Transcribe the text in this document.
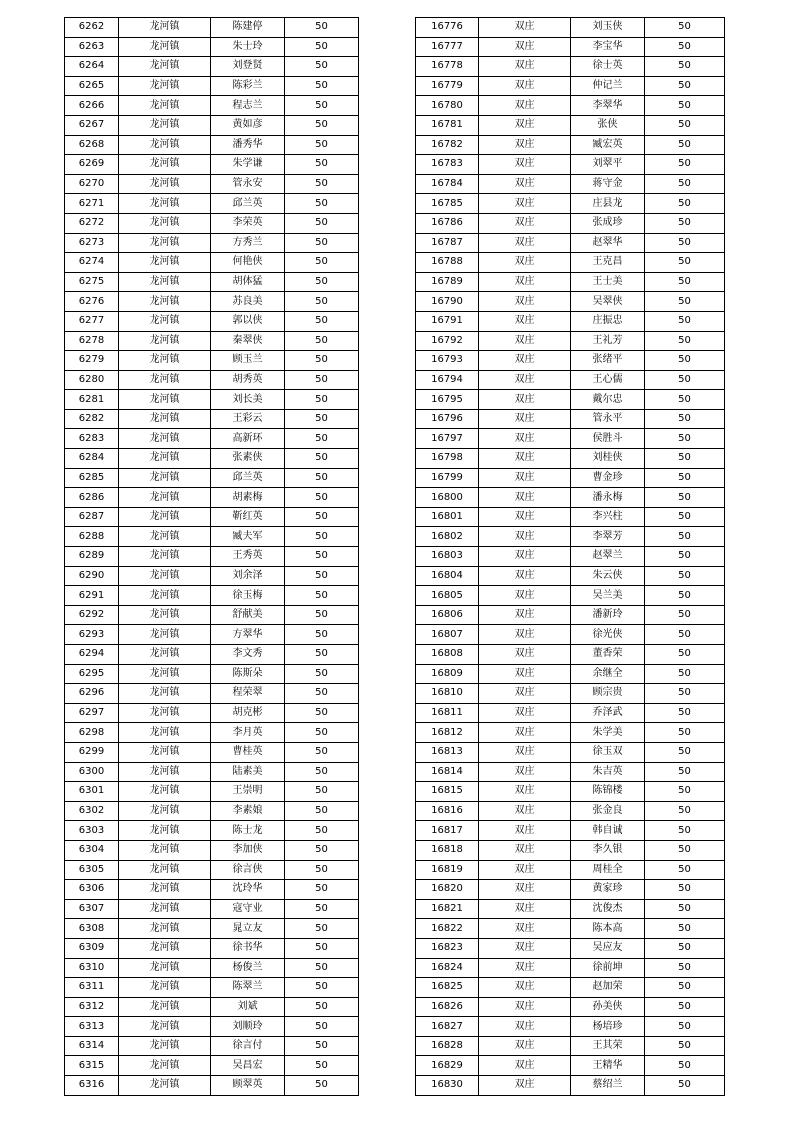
6262	龙河镇	陈建停	50
6263	龙河镇	朱士玲	50
6264	龙河镇	刘登贤	50
6265	龙河镇	陈彩兰	50
6266	龙河镇	程志兰	50
6267	龙河镇	黄如彦	50
6268	龙河镇	潘秀华	50
6269	龙河镇	朱学谦	50
6270	龙河镇	管永安	50
6271	龙河镇	邱兰英	50
6272	龙河镇	李荣英	50
6273	龙河镇	方秀兰	50
6274	龙河镇	何艳侠	50
6275	龙河镇	胡体猛	50
6276	龙河镇	苏良美	50
6277	龙河镇	郭以侠	50
6278	龙河镇	秦翠侠	50
6279	龙河镇	顾玉兰	50
6280	龙河镇	胡秀英	50
6281	龙河镇	刘长美	50
6282	龙河镇	王彩云	50
6283	龙河镇	高新环	50
6284	龙河镇	张素侠	50
6285	龙河镇	邱兰英	50
6286	龙河镇	胡素梅	50
6287	龙河镇	靳红英	50
6288	龙河镇	臧夫军	50
6289	龙河镇	王秀英	50
6290	龙河镇	刘余泽	50
6291	龙河镇	徐玉梅	50
6292	龙河镇	舒献美	50
6293	龙河镇	方翠华	50
6294	龙河镇	李文秀	50
6295	龙河镇	陈斯朵	50
6296	龙河镇	程荣翠	50
6297	龙河镇	胡克彬	50
6298	龙河镇	李月英	50
6299	龙河镇	曹桂英	50
6300	龙河镇	陆素美	50
6301	龙河镇	王崇明	50
6302	龙河镇	李素娘	50
6303	龙河镇	陈士龙	50
6304	龙河镇	李加侠	50
6305	龙河镇	徐言侠	50
6306	龙河镇	沈玲华	50
6307	龙河镇	寇守业	50
6308	龙河镇	晁立友	50
6309	龙河镇	徐书华	50
6310	龙河镇	杨俊兰	50
6311	龙河镇	陈翠兰	50
6312	龙河镇	刘斌	50
6313	龙河镇	刘顺玲	50
6314	龙河镇	徐言付	50
6315	龙河镇	吴昌宏	50
6316	龙河镇	顾翠英	50
16776	双庄	刘玉侠	50
16777	双庄	李宝华	50
16778	双庄	徐士英	50
16779	双庄	仲记兰	50
16780	双庄	李翠华	50
16781	双庄	张侠	50
16782	双庄	臧宏英	50
16783	双庄	刘翠平	50
16784	双庄	蒋守金	50
16785	双庄	庄县龙	50
16786	双庄	张成珍	50
16787	双庄	赵翠华	50
16788	双庄	王克昌	50
16789	双庄	王士美	50
16790	双庄	吴翠侠	50
16791	双庄	庄振忠	50
16792	双庄	王礼芳	50
16793	双庄	张绪平	50
16794	双庄	王心儒	50
16795	双庄	戴尔忠	50
16796	双庄	管永平	50
16797	双庄	侯胜斗	50
16798	双庄	刘桂侠	50
16799	双庄	曹金珍	50
16800	双庄	潘永梅	50
16801	双庄	李兴柱	50
16802	双庄	李翠芳	50
16803	双庄	赵翠兰	50
16804	双庄	朱云侠	50
16805	双庄	吴兰美	50
16806	双庄	潘新玲	50
16807	双庄	徐光侠	50
16808	双庄	董香荣	50
16809	双庄	余继全	50
16810	双庄	顾宗贵	50
16811	双庄	乔泽武	50
16812	双庄	朱学美	50
16813	双庄	徐玉双	50
16814	双庄	朱吉英	50
16815	双庄	陈锦楼	50
16816	双庄	张金良	50
16817	双庄	韩自诚	50
16818	双庄	李久银	50
16819	双庄	周桂全	50
16820	双庄	黄家珍	50
16821	双庄	沈俊杰	50
16822	双庄	陈本高	50
16823	双庄	吴应友	50
16824	双庄	徐前坤	50
16825	双庄	赵加荣	50
16826	双庄	孙美侠	50
16827	双庄	杨培珍	50
16828	双庄	王其荣	50
16829	双庄	王精华	50
16830	双庄	蔡绍兰	50
